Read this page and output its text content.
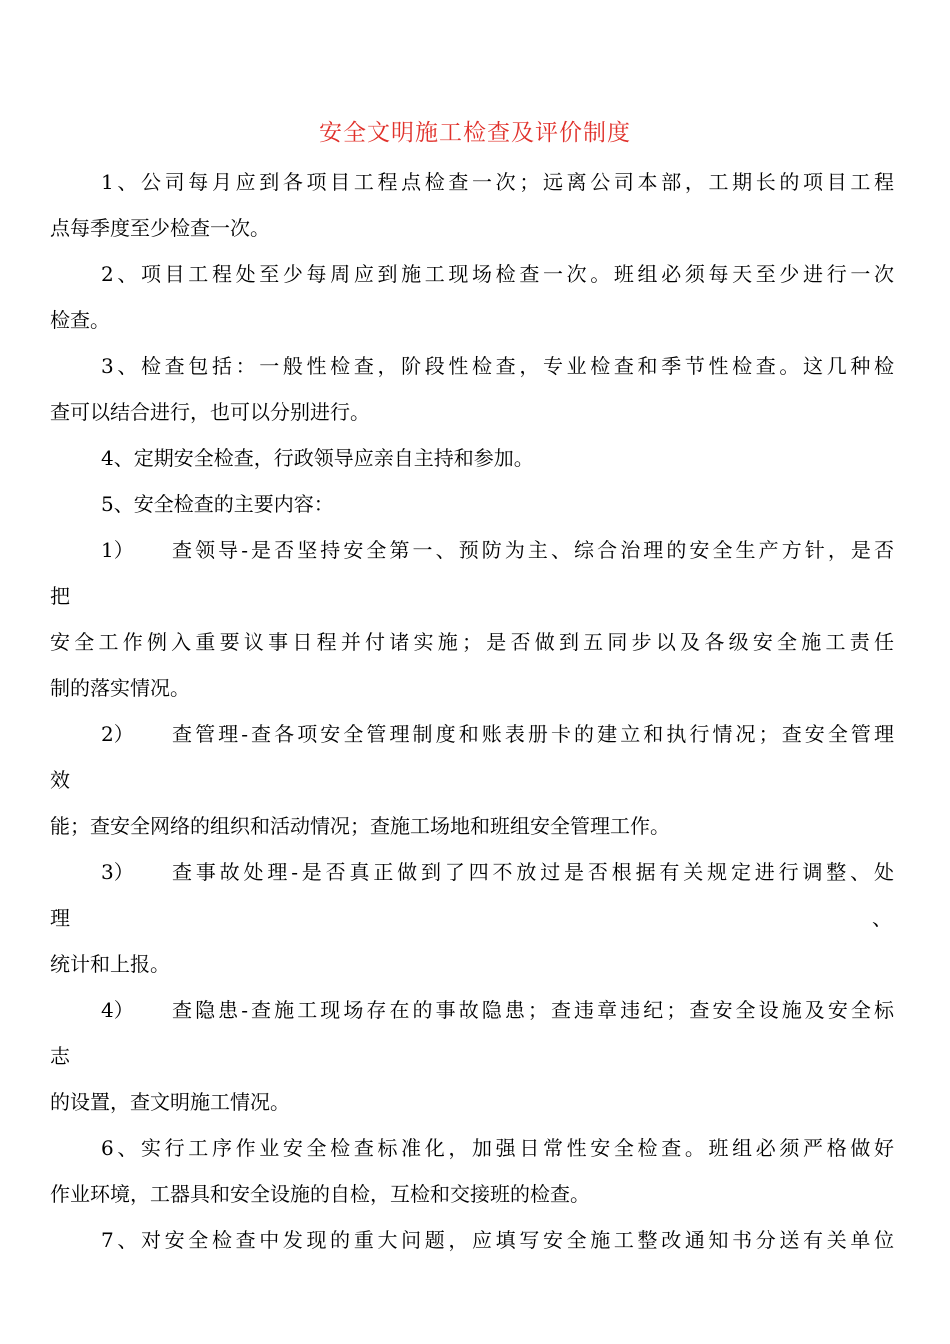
安全文明施工检查及评价制度
1、公司每月应到各项目工程点检查一次；远离公司本部，工期长的项目工程
点每季度至少检查一次。
2、项目工程处至少每周应到施工现场检查一次。班组必须每天至少进行一次
检查。
3、检查包括：一般性检查，阶段性检查，专业检查和季节性检查。这几种检
查可以结合进行，也可以分别进行。
4、定期安全检查，行政领导应亲自主持和参加。
5、安全检查的主要内容：
1） 查领导-是否坚持安全第一、预防为主、综合治理的安全生产方针，是否
把
安全工作例入重要议事日程并付诸实施；是否做到五同步以及各级安全施工责任
制的落实情况。
2） 查管理-查各项安全管理制度和账表册卡的建立和执行情况；查安全管理
效
能；查安全网络的组织和活动情况；查施工场地和班组安全管理工作。
3） 查事故处理-是否真正做到了四不放过是否根据有关规定进行调整、处
理	、
统计和上报。
4） 查隐患-查施工现场存在的事故隐患；查违章违纪；查安全设施及安全标
志
的设置，查文明施工情况。
6、实行工序作业安全检查标准化，加强日常性安全检查。班组必须严格做好
作业环境，工器具和安全设施的自检，互检和交接班的检查。
7、对安全检查中发现的重大问题，应填写安全施工整改通知书分送有关单位
